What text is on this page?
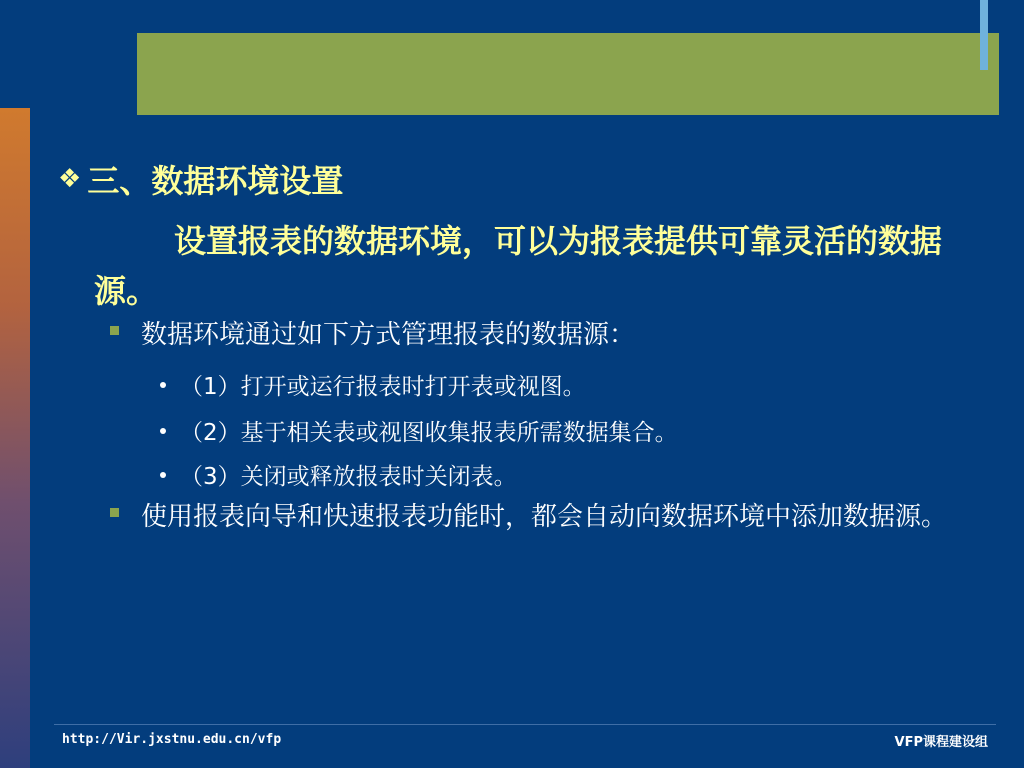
❖ 三、数据环境设置
设置报表的数据环境，可以为报表提供可靠灵活的数据源。
数据环境通过如下方式管理报表的数据源：
（1）打开或运行报表时打开表或视图。
（2）基于相关表或视图收集报表所需数据集合。
（3）关闭或释放报表时关闭表。
使用报表向导和快速报表功能时，都会自动向数据环境中添加数据源。
http://Vir.jxstnu.edu.cn/vfp	VFP课程建设组
